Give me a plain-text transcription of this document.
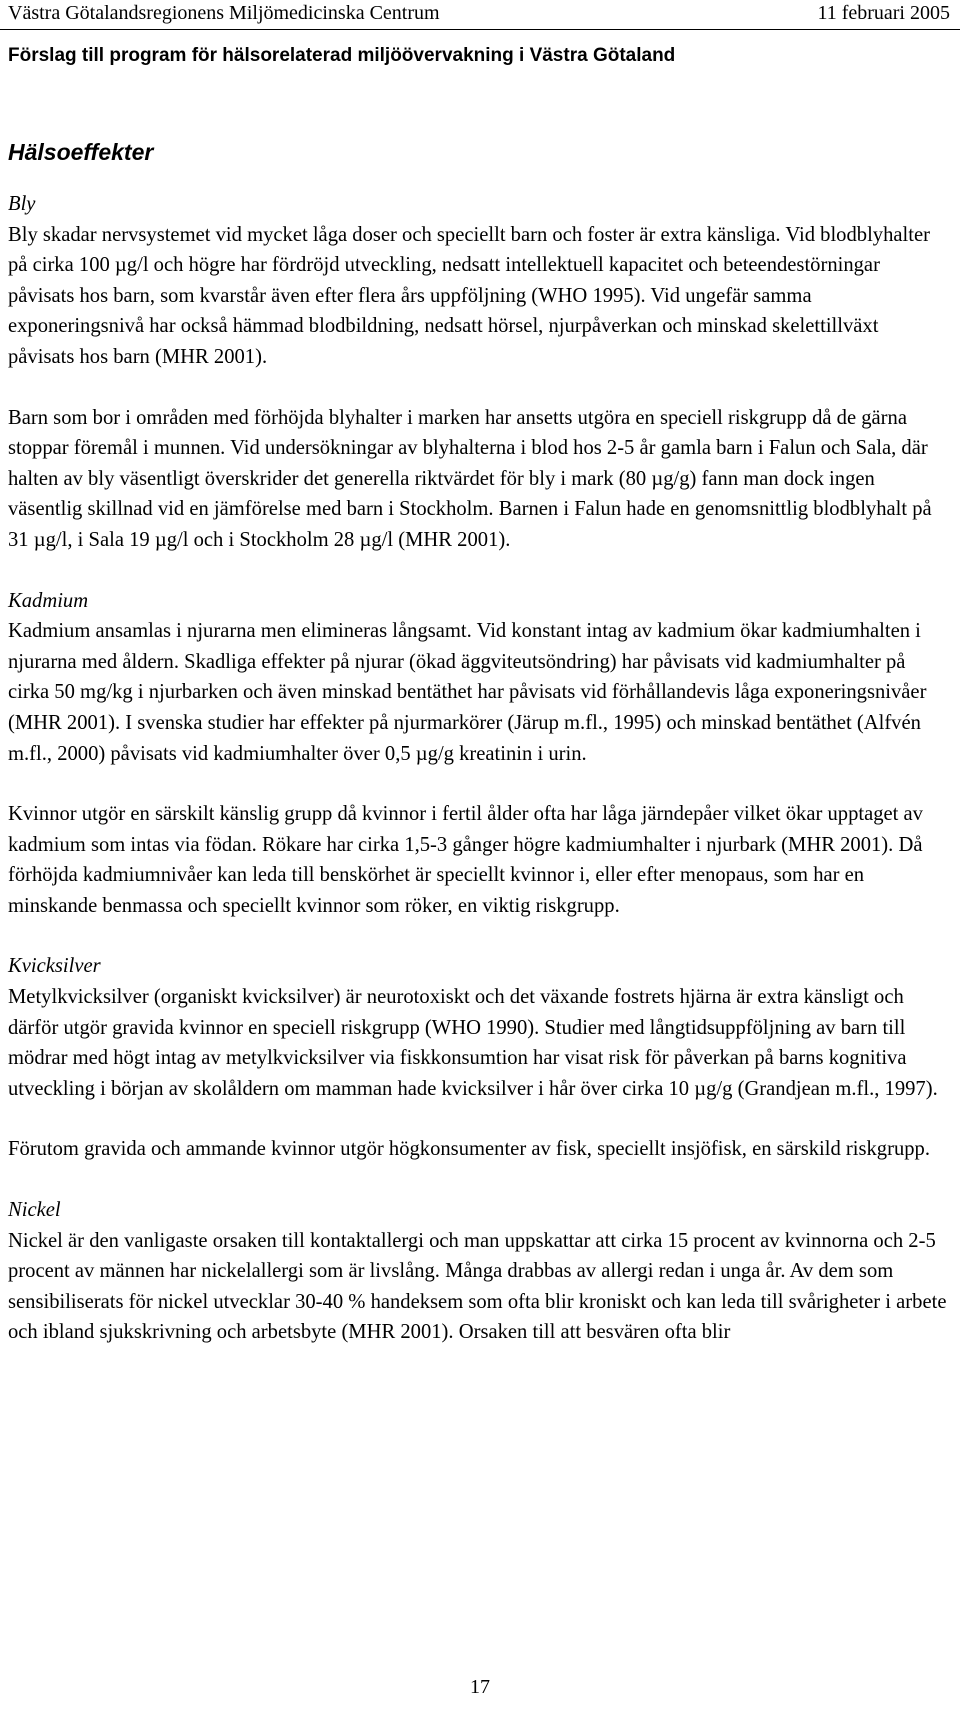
Västra Götalandsregionens Miljömedicinska Centrum	11 februari 2005
Förslag till program för hälsorelaterad miljöövervakning i Västra Götaland
Hälsoeffekter

Bly

Bly skadar nervsystemet vid mycket låga doser och speciellt barn och foster är extra känsliga. Vid blodblyhalter på cirka 100 µg/l och högre har fördröjd utveckling, nedsatt intellektuell kapacitet och beteendestörningar påvisats hos barn, som kvarstår även efter flera års uppföljning (WHO 1995). Vid ungefär samma exponeringsnivå har också hämmad blodbildning, nedsatt hörsel, njurpåverkan och minskad skelettillväxt påvisats hos barn (MHR 2001).

Barn som bor i områden med förhöjda blyhalter i marken har ansetts utgöra en speciell riskgrupp då de gärna stoppar föremål i munnen. Vid undersökningar av blyhalterna i blod hos 2-5 år gamla barn i Falun och Sala, där halten av bly väsentligt överskrider det generella riktvärdet för bly i mark (80 µg/g) fann man dock ingen väsentlig skillnad vid en jämförelse med barn i Stockholm. Barnen i Falun hade en genomsnittlig blodblyhalt på 31 µg/l, i Sala 19 µg/l och i Stockholm 28 µg/l (MHR 2001).

Kadmium

Kadmium ansamlas i njurarna men elimineras långsamt. Vid konstant intag av kadmium ökar kadmiumhalten i njurarna med åldern. Skadliga effekter på njurar (ökad äggviteutsöndring) har påvisats vid kadmiumhalter på cirka 50 mg/kg i njurbarken och även minskad bentäthet har påvisats vid förhållandevis låga exponeringsnivåer (MHR 2001). I svenska studier har effekter på njurmarkörer (Järup m.fl., 1995) och minskad bentäthet (Alfvén m.fl., 2000) påvisats vid kadmiumhalter över 0,5 µg/g kreatinin i urin.

Kvinnor utgör en särskilt känslig grupp då kvinnor i fertil ålder ofta har låga järndepåer vilket ökar upptaget av kadmium som intas via födan. Rökare har cirka 1,5-3 gånger högre kadmiumhalter i njurbark (MHR 2001). Då förhöjda kadmiumnivåer kan leda till benskörhet är speciellt kvinnor i, eller efter menopaus, som har en minskande benmassa och speciellt kvinnor som röker, en viktig riskgrupp.

Kvicksilver

Metylkvicksilver (organiskt kvicksilver) är neurotoxiskt och det växande fostrets hjärna är extra känsligt och därför utgör gravida kvinnor en speciell riskgrupp (WHO 1990). Studier med långtidsuppföljning av barn till mödrar med högt intag av metylkvicksilver via fiskkonsumtion har visat risk för påverkan på barns kognitiva utveckling i början av skolåldern om mamman hade kvicksilver i hår över cirka 10 µg/g (Grandjean m.fl., 1997).

Förutom gravida och ammande kvinnor utgör högkonsumenter av fisk, speciellt insjöfisk, en särskild riskgrupp.

Nickel

Nickel är den vanligaste orsaken till kontaktallergi och man uppskattar att cirka 15 procent av kvinnorna och 2-5 procent av männen har nickelallergi som är livslång. Många drabbas av allergi redan i unga år. Av dem som sensibiliserats för nickel utvecklar 30-40 % handeksem som ofta blir kroniskt och kan leda till svårigheter i arbete och ibland sjukskrivning och arbetsbyte (MHR 2001). Orsaken till att besvären ofta blir

17
